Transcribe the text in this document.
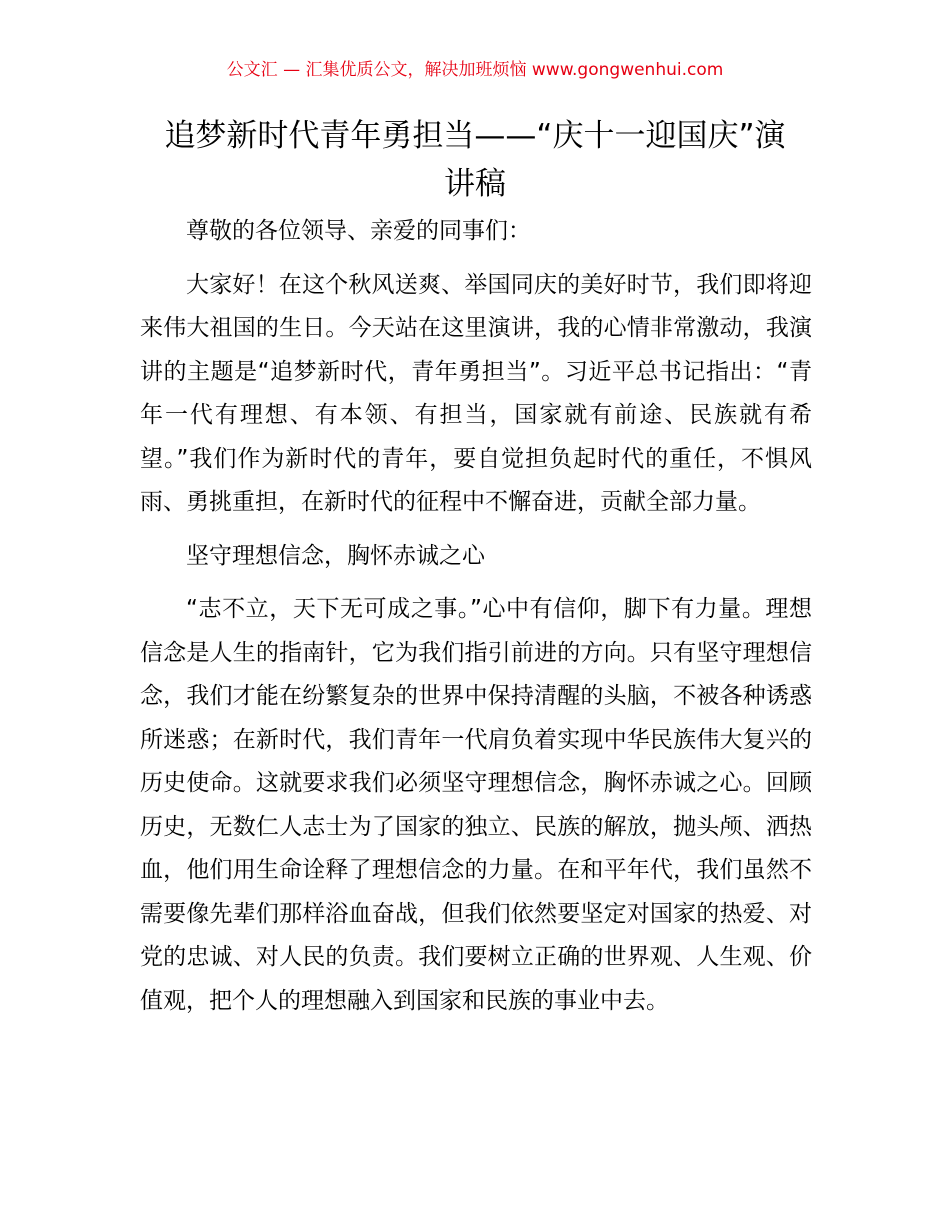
公文汇 — 汇集优质公文，解决加班烦恼 www.gongwenhui.com
追梦新时代青年勇担当——“庆十一迎国庆”演讲稿

尊敬的各位领导、亲爱的同事们：

大家好！在这个秋风送爽、举国同庆的美好时节，我们即将迎来伟大祖国的生日。今天站在这里演讲，我的心情非常激动，我演讲的主题是“追梦新时代，青年勇担当”。习近平总书记指出：“青年一代有理想、有本领、有担当，国家就有前途、民族就有希望。”我们作为新时代的青年，要自觉担负起时代的重任，不惧风雨、勇挑重担，在新时代的征程中不懈奋进，贡献全部力量。

坚守理想信念，胸怀赤诚之心

“志不立，天下无可成之事。”心中有信仰，脚下有力量。理想信念是人生的指南针，它为我们指引前进的方向。只有坚守理想信念，我们才能在纷繁复杂的世界中保持清醒的头脑，不被各种诱惑所迷惑；在新时代，我们青年一代肩负着实现中华民族伟大复兴的历史使命。这就要求我们必须坚守理想信念，胸怀赤诚之心。回顾历史，无数仁人志士为了国家的独立、民族的解放，抛头颅、洒热血，他们用生命诠释了理想信念的力量。在和平年代，我们虽然不需要像先辈们那样浴血奋战，但我们依然要坚定对国家的热爱、对党的忠诚、对人民的负责。我们要树立正确的世界观、人生观、价值观，把个人的理想融入到国家和民族的事业中去。
